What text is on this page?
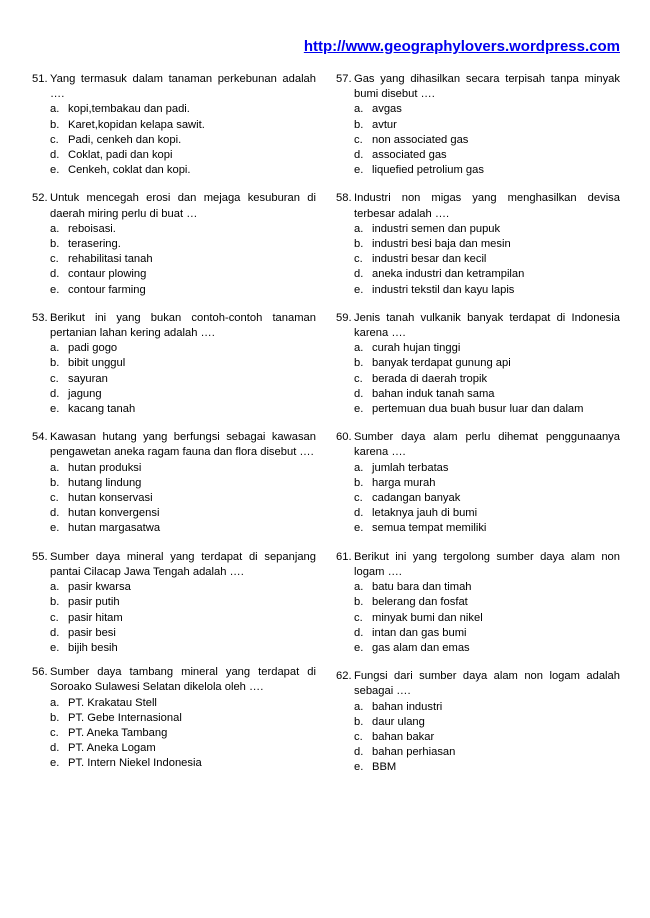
http://www.geographylovers.wordpress.com
51. Yang termasuk dalam tanaman perkebunan adalah ….
a. kopi,tembakau dan padi.
b. Karet,kopidan kelapa sawit.
c. Padi, cenkeh dan kopi.
d. Coklat, padi dan kopi
e. Cenkeh, coklat dan kopi.
52. Untuk mencegah erosi dan mejaga kesuburan di daerah miring perlu di buat …
a. reboisasi.
b. terasering.
c. rehabilitasi tanah
d. contaur plowing
e. contour farming
53. Berikut ini yang bukan contoh-contoh tanaman pertanian lahan kering adalah ….
a. padi gogo
b. bibit unggul
c. sayuran
d. jagung
e. kacang tanah
54. Kawasan hutang yang berfungsi sebagai kawasan pengawetan aneka ragam fauna dan flora disebut ….
a. hutan produksi
b. hutang lindung
c. hutan konservasi
d. hutan konvergensi
e. hutan margasatwa
55. Sumber daya mineral yang terdapat di sepanjang pantai Cilacap Jawa Tengah adalah ….
a. pasir kwarsa
b. pasir putih
c. pasir hitam
d. pasir besi
e. bijih besih
56. Sumber daya tambang mineral yang terdapat di Soroako Sulawesi Selatan dikelola oleh ….
a. PT. Krakatau Stell
b. PT. Gebe Internasional
c. PT. Aneka Tambang
d. PT. Aneka Logam
e. PT. Intern Niekel Indonesia
57. Gas yang dihasilkan secara terpisah tanpa minyak bumi disebut ….
a. avgas
b. avtur
c. non associated gas
d. associated gas
e. liquefied petrolium gas
58. Industri non migas yang menghasilkan devisa terbesar adalah ….
a. industri semen dan pupuk
b. industri besi baja dan mesin
c. industri besar dan kecil
d. aneka industri dan ketrampilan
e. industri tekstil dan kayu lapis
59. Jenis tanah vulkanik banyak terdapat di Indonesia karena ….
a. curah hujan tinggi
b. banyak terdapat gunung api
c. berada di daerah tropik
d. bahan induk tanah sama
e. pertemuan dua buah busur luar dan dalam
60. Sumber daya alam perlu dihemat penggunaanya karena ….
a. jumlah terbatas
b. harga murah
c. cadangan banyak
d. letaknya jauh di bumi
e. semua tempat memiliki
61. Berikut ini yang tergolong sumber daya alam non logam ….
a. batu bara dan timah
b. belerang dan fosfat
c. minyak bumi dan nikel
d. intan dan gas bumi
e. gas alam dan emas
62. Fungsi dari sumber daya alam non logam adalah sebagai ….
a. bahan industri
b. daur ulang
c. bahan bakar
d. bahan perhiasan
e. BBM
